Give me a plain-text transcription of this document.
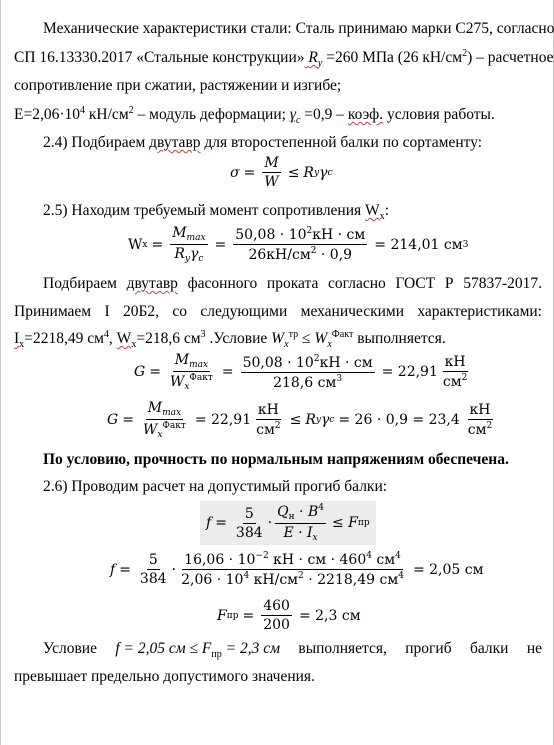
Механические характеристики стали: Сталь принимаю марки С275, согласно
СП 16.13330.2017 «Стальные конструкции» $R_y =260$ МПа (26 $кН/см^2$) – расчетное
сопротивление при сжатии, растяжении и изгибе;
$E=2,06\cdot 10^4$ $кН/см^2$ – модуль деформации; $\gamma_c =0,9$ – коэф. условия работы.
2.4) Подбираем двутавр для второстепенной балки по сортаменту:
$\sigma = \frac{M}{W} \le R$ y γ c
2.5) Находим требуемый момент сопротивления $W_x$:
W $x = \frac{M_{max}}{R_y\gamma_c} = \frac{50,08 \cdot 10^2кН \cdot см}{26кН/см^2 \cdot 0,9} = 214,01$ см 3
Подбираем двутавр фасонного проката согласно ГОСТ Р 57837-2017.
Принимаем I 20Б2, со следующими механическими характеристиками:
$I_x=2218,49$ $см^4$, $W_x=218,6$ $см^3$ .Условие $W_x^{тр} \le W_x^{Факт}$ выполняется.
$G = \frac{M_{max}}{W_x^{Факт}} = \frac{50,08 \cdot 10^2кН \cdot см}{218,6 см^3} = 22,91 \frac{кН}{см^2}$
$G = \frac{M_{max}}{W_x^{Факт}} = 22,91 \frac{кН}{см^2} \le R$ y γ $c = 26 \cdot 0,9 = 23,4 \frac{кН}{см^2}$
По условию, прочность по нормальным напряжениям обеспечена.
2.6) Проводим расчет на допустимый прогиб балки:
$f = \frac{5}{384} \cdot \frac{Q_н \cdot B^4}{E \cdot I_x} \le F$ пр
$f = \frac{5}{384} \cdot \frac{16,06 \cdot 10^{-2} кН \cdot см \cdot 460^4 см^4}{2,06 \cdot 10^4 кН/см^2 \cdot 2218,49 см^4} = 2,05$ см
F пр = $\frac{460}{200} = 2,3$ см
Условие f = 2,05 см ≤ $F_{пр} = 2,3$ см выполняется, прогиб балки не
превышает предельно допустимого значения.
